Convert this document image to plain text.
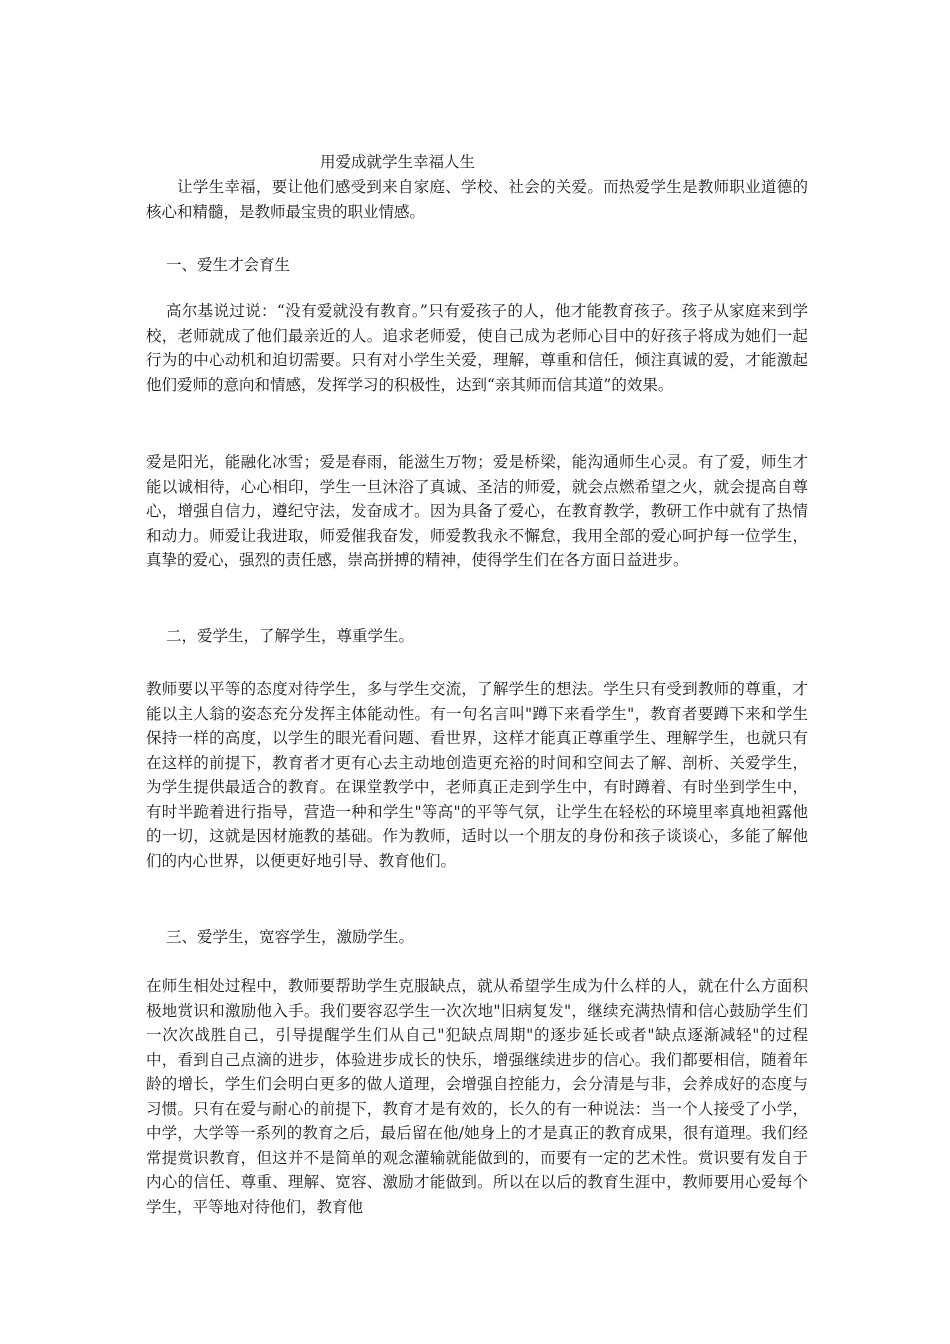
用爱成就学生幸福人生
让学生幸福，要让他们感受到来自家庭、学校、社会的关爱。而热爱学生是教师职业道德的核心和精髓，是教师最宝贵的职业情感。
一、爱生才会育生
高尔基说过说：“没有爱就没有教育。”只有爱孩子的人，他才能教育孩子。孩子从家庭来到学校，老师就成了他们最亲近的人。追求老师爱，使自己成为老师心目中的好孩子将成为她们一起行为的中心动机和迫切需要。只有对小学生关爱，理解，尊重和信任，倾注真诚的爱，才能激起他们爱师的意向和情感，发挥学习的积极性，达到“亲其师而信其道”的效果。
爱是阳光，能融化冰雪；爱是春雨，能滋生万物；爱是桥梁，能沟通师生心灵。有了爱，师生才能以诚相待，心心相印，学生一旦沐浴了真诚、圣洁的师爱，就会点燃希望之火，就会提高自尊心，增强自信力，遵纪守法，发奋成才。因为具备了爱心，在教育教学，教研工作中就有了热情和动力。师爱让我进取，师爱催我奋发，师爱教我永不懈怠，我用全部的爱心呵护每一位学生，真挚的爱心，强烈的责任感，崇高拼搏的精神，使得学生们在各方面日益进步。
二，爱学生，了解学生，尊重学生。
教师要以平等的态度对待学生，多与学生交流，了解学生的想法。学生只有受到教师的尊重，才能以主人翁的姿态充分发挥主体能动性。有一句名言叫"蹲下来看学生"，教育者要蹲下来和学生保持一样的高度，以学生的眼光看问题、看世界，这样才能真正尊重学生、理解学生，也就只有在这样的前提下，教育者才更有心去主动地创造更充裕的时间和空间去了解、剖析、关爱学生，为学生提供最适合的教育。在课堂教学中，老师真正走到学生中，有时蹲着、有时坐到学生中，有时半跪着进行指导，营造一种和学生"等高"的平等气氛，让学生在轻松的环境里率真地袒露他的一切，这就是因材施教的基础。作为教师，适时以一个朋友的身份和孩子谈谈心，多能了解他们的内心世界，以便更好地引导、教育他们。
三、爱学生，宽容学生，激励学生。
在师生相处过程中，教师要帮助学生克服缺点，就从希望学生成为什么样的人，就在什么方面积极地赏识和激励他入手。我们要容忍学生一次次地"旧病复发"，继续充满热情和信心鼓励学生们一次次战胜自己，引导提醒学生们从自己"犯缺点周期"的逐步延长或者"缺点逐渐减轻"的过程中，看到自己点滴的进步，体验进步成长的快乐，增强继续进步的信心。我们都要相信，随着年龄的增长，学生们会明白更多的做人道理，会增强自控能力，会分清是与非，会养成好的态度与习惯。只有在爱与耐心的前提下，教育才是有效的，长久的有一种说法：当一个人接受了小学，中学，大学等一系列的教育之后，最后留在他/她身上的才是真正的教育成果，很有道理。我们经常提赏识教育，但这并不是简单的观念灌输就能做到的，而要有一定的艺术性。赏识要有发自于内心的信任、尊重、理解、宽容、激励才能做到。所以在以后的教育生涯中，教师要用心爱每个学生，平等地对待他们，教育他
